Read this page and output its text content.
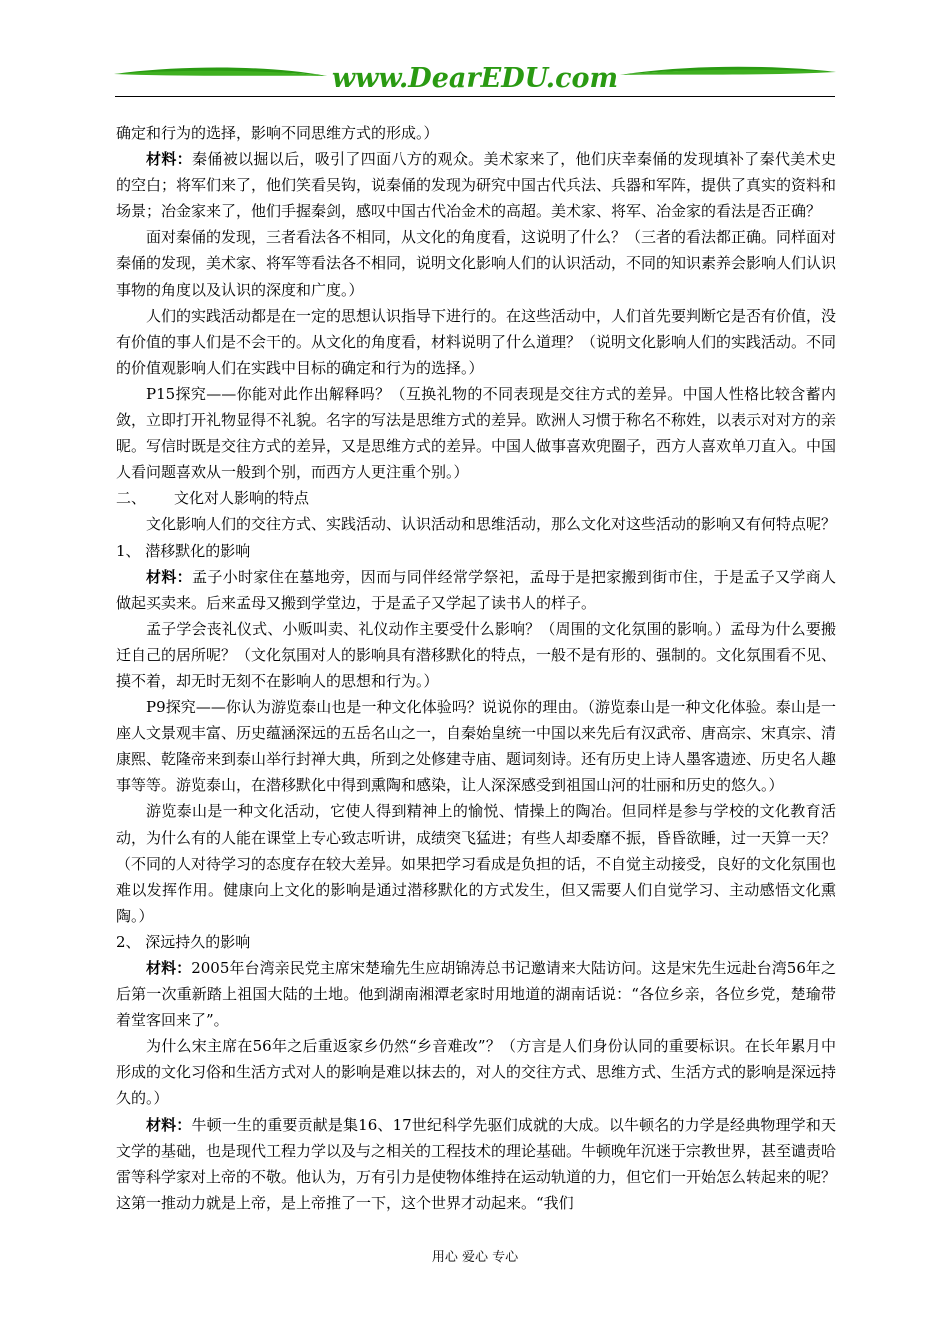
www.DearEDU.com

确定和行为的选择，影响不同思维方式的形成。）

材料：秦俑被以掘以后，吸引了四面八方的观众。美术家来了，他们庆幸秦俑的发现填补了秦代美术史的空白；将军们来了，他们笑看吴钩，说秦俑的发现为研究中国古代兵法、兵器和军阵，提供了真实的资料和场景；冶金家来了，他们手握秦剑，感叹中国古代冶金术的高超。美术家、将军、冶金家的看法是否正确？

面对秦俑的发现，三者看法各不相同，从文化的角度看，这说明了什么？（三者的看法都正确。同样面对秦俑的发现，美术家、将军等看法各不相同，说明文化影响人们的认识活动，不同的知识素养会影响人们认识事物的角度以及认识的深度和广度。）

人们的实践活动都是在一定的思想认识指导下进行的。在这些活动中，人们首先要判断它是否有价值，没有价值的事人们是不会干的。从文化的角度看，材料说明了什么道理？（说明文化影响人们的实践活动。不同的价值观影响人们在实践中目标的确定和行为的选择。）

P15探究——你能对此作出解释吗？（互换礼物的不同表现是交往方式的差异。中国人性格比较含蓄内敛，立即打开礼物显得不礼貌。名字的写法是思维方式的差异。欧洲人习惯于称名不称姓，以表示对对方的亲昵。写信时既是交往方式的差异，又是思维方式的差异。中国人做事喜欢兜圈子，西方人喜欢单刀直入。中国人看问题喜欢从一般到个别，而西方人更注重个别。）

二、 文化对人影响的特点

文化影响人们的交往方式、实践活动、认识活动和思维活动，那么文化对这些活动的影响又有何特点呢？

1、 潜移默化的影响

材料：孟子小时家住在墓地旁，因而与同伴经常学祭祀，孟母于是把家搬到街市住，于是孟子又学商人做起买卖来。后来孟母又搬到学堂边，于是孟子又学起了读书人的样子。

孟子学会丧礼仪式、小贩叫卖、礼仪动作主要受什么影响？（周围的文化氛围的影响。）孟母为什么要搬迁自己的居所呢？（文化氛围对人的影响具有潜移默化的特点，一般不是有形的、强制的。文化氛围看不见、摸不着，却无时无刻不在影响人的思想和行为。）

P9探究——你认为游览泰山也是一种文化体验吗？说说你的理由。（游览泰山是一种文化体验。泰山是一座人文景观丰富、历史蕴涵深远的五岳名山之一，自秦始皇统一中国以来先后有汉武帝、唐高宗、宋真宗、清康熙、乾隆帝来到泰山举行封禅大典，所到之处修建寺庙、题词刻诗。还有历史上诗人墨客遗迹、历史名人趣事等等。游览泰山，在潜移默化中得到熏陶和感染，让人深深感受到祖国山河的壮丽和历史的悠久。）

游览泰山是一种文化活动，它使人得到精神上的愉悦、情操上的陶冶。但同样是参与学校的文化教育活动，为什么有的人能在课堂上专心致志听讲，成绩突飞猛进；有些人却委靡不振，昏昏欲睡，过一天算一天？（不同的人对待学习的态度存在较大差异。如果把学习看成是负担的话，不自觉主动接受，良好的文化氛围也难以发挥作用。健康向上文化的影响是通过潜移默化的方式发生，但又需要人们自觉学习、主动感悟文化熏陶。）

2、 深远持久的影响

材料：2005年台湾亲民党主席宋楚瑜先生应胡锦涛总书记邀请来大陆访问。这是宋先生远赴台湾56年之后第一次重新踏上祖国大陆的土地。他到湖南湘潭老家时用地道的湖南话说：“各位乡亲，各位乡党，楚瑜带着堂客回来了”。

为什么宋主席在56年之后重返家乡仍然“乡音难改”？（方言是人们身份认同的重要标识。在长年累月中形成的文化习俗和生活方式对人的影响是难以抹去的，对人的交往方式、思维方式、生活方式的影响是深远持久的。）

材料：牛顿一生的重要贡献是集16、17世纪科学先驱们成就的大成。以牛顿名的力学是经典物理学和天文学的基础，也是现代工程力学以及与之相关的工程技术的理论基础。牛顿晚年沉迷于宗教世界，甚至谴责哈雷等科学家对上帝的不敬。他认为，万有引力是使物体维持在运动轨道的力，但它们一开始怎么转起来的呢？这第一推动力就是上帝，是上帝推了一下，这个世界才动起来。“我们

用心 爱心 专心
